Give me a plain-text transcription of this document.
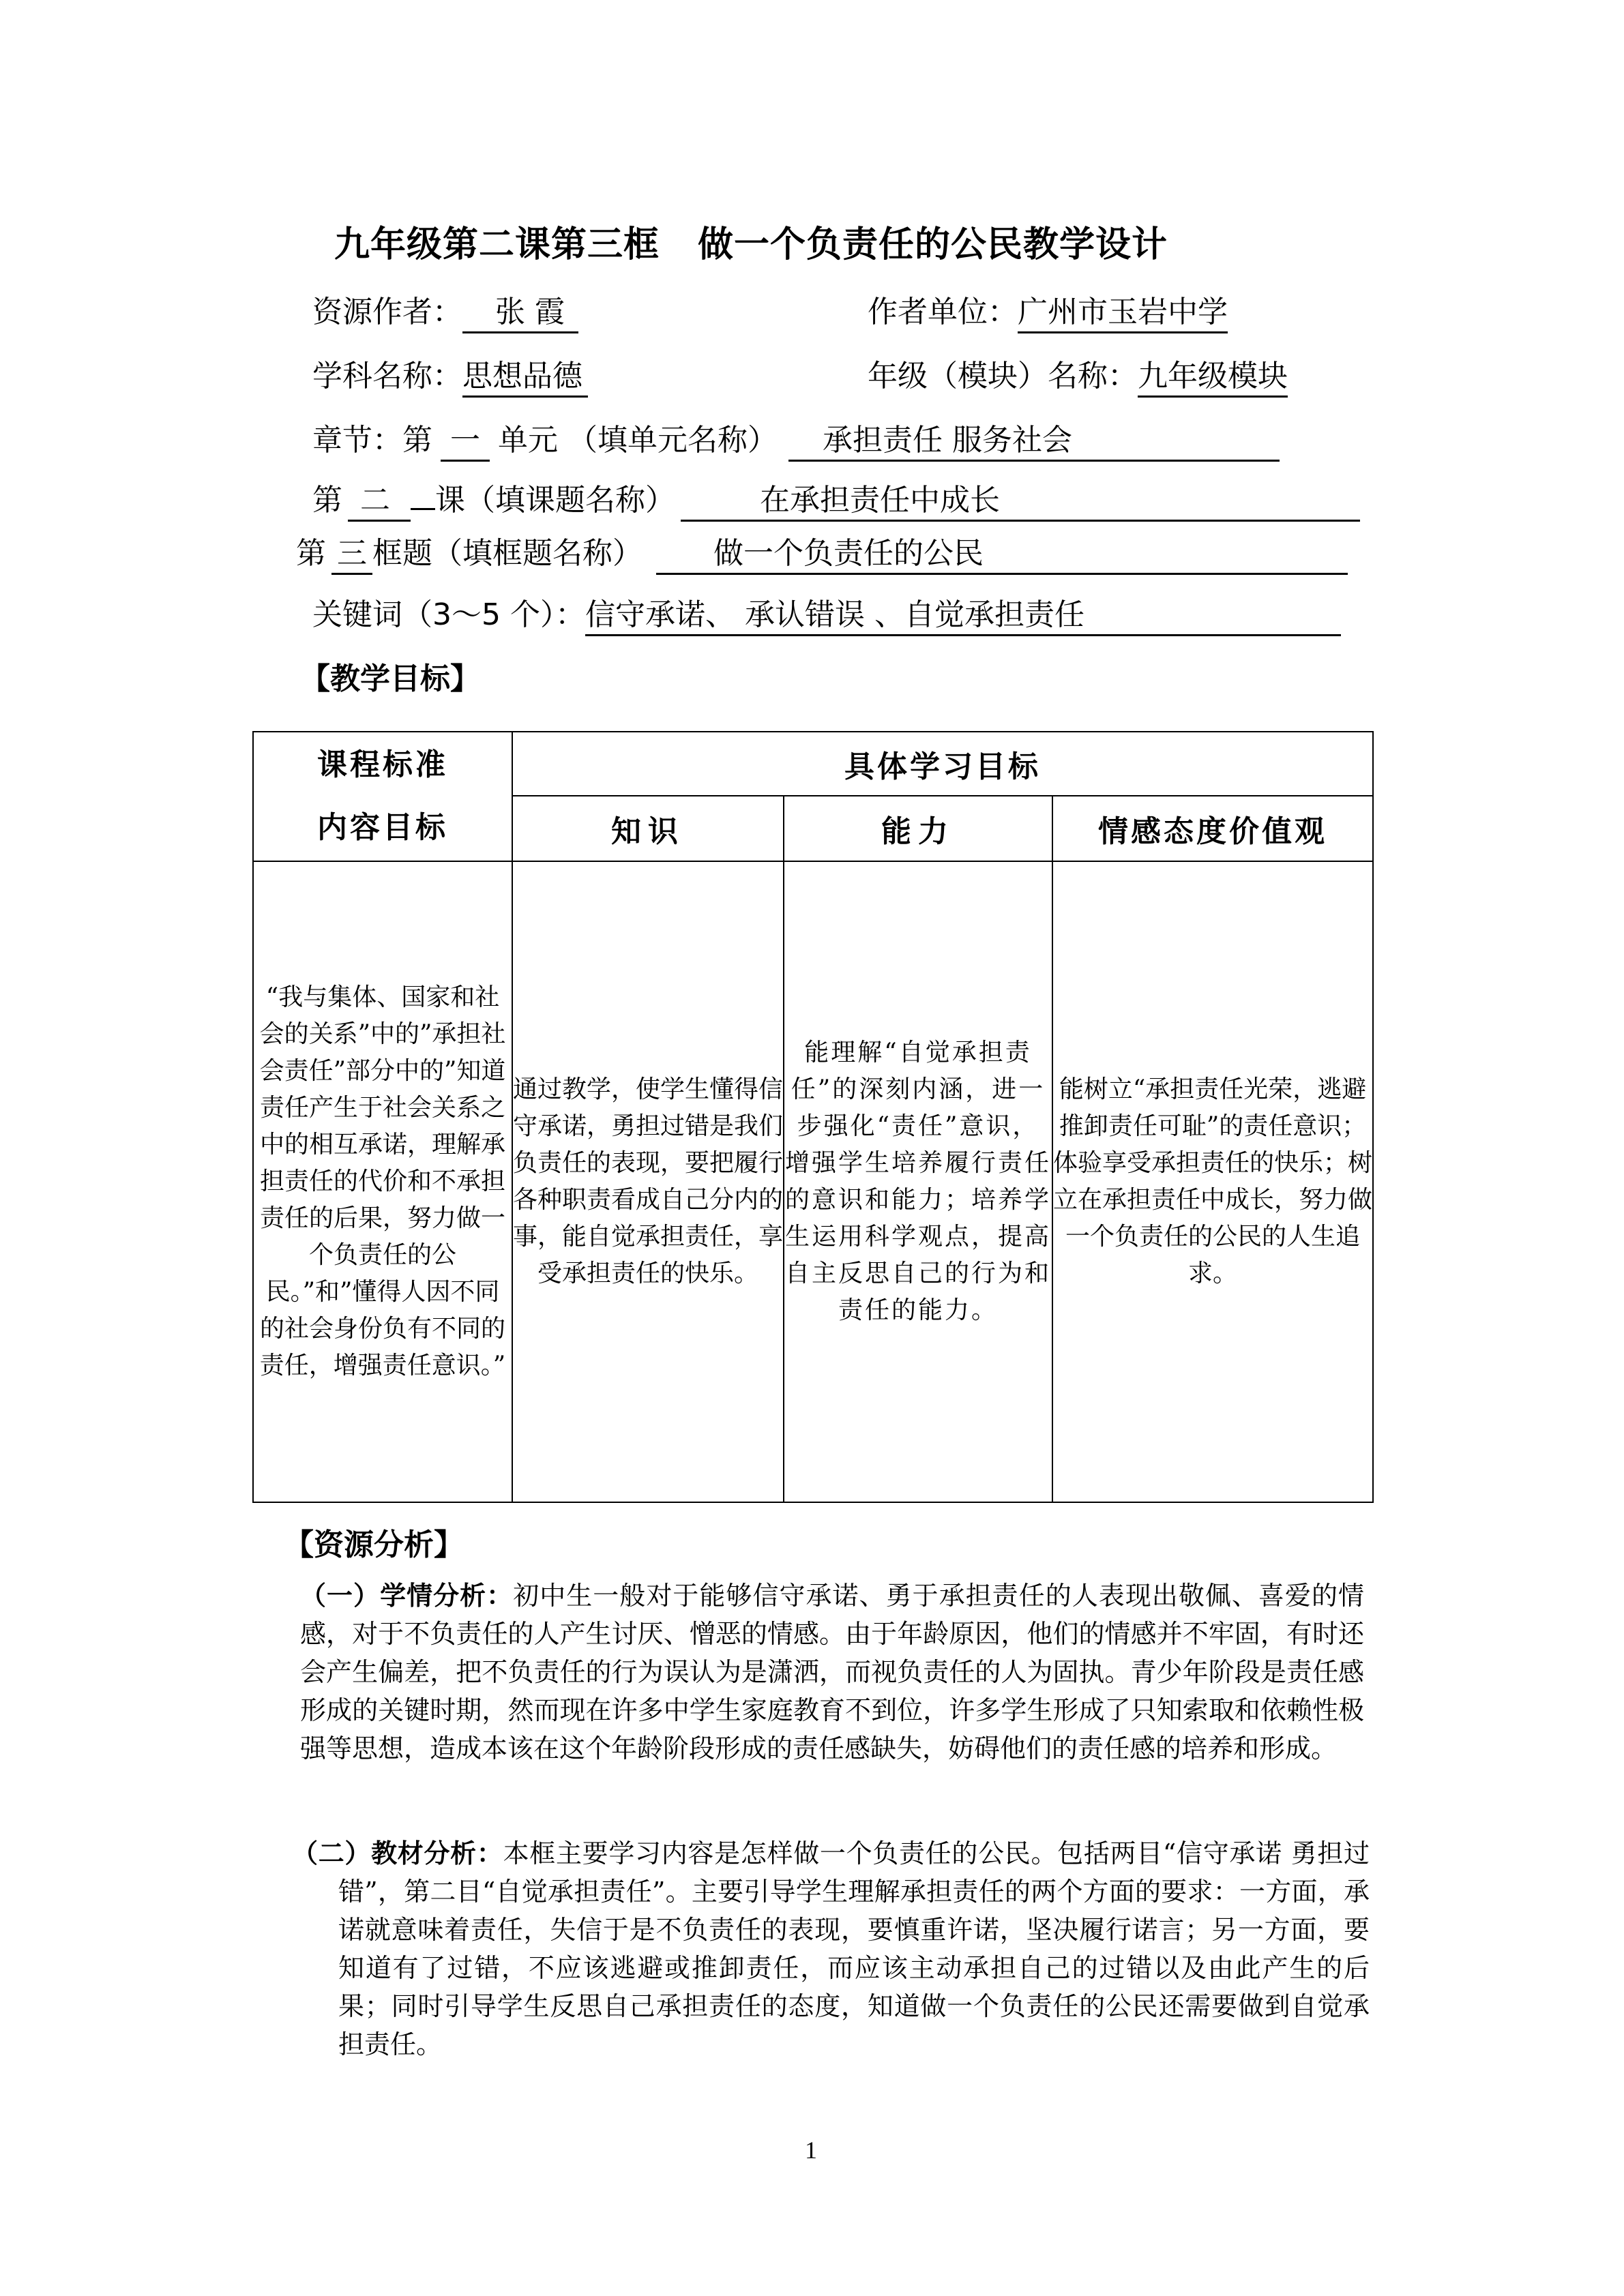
九年级第二课第三框 做一个负责任的公民教学设计
资源作者： 张 霞	作者单位：广州市玉岩中学
学科名称：思想品德	年级（模块）名称：九年级模块
章节：第 一 单元 （填单元名称） 承担责任 服务社会
第 二 课（填课题名称）	在承担责任中成长
第 三 框题（填框题名称） 做一个负责任的公民
关键词（3～5 个）：信守承诺、 承认错误 、自觉承担责任
【教学目标】
课程标准
内容目标	具体学习目标		
	知识	能力	情感态度价值观
“我与集体、国家和社会的关系”中的”承担社会责任”部分中的”知道责任产生于社会关系之中的相互承诺，理解承担责任的代价和不承担责任的后果，努力做一个负责任的公民。”和”懂得人因不同的社会身份负有不同的责任，增强责任意识。”	通过教学，使学生懂得信守承诺，勇担过错是我们负责任的表现，要把履行各种职责看成自己分内的事，能自觉承担责任，享受承担责任的快乐。	能理解“自觉承担责任”的深刻内涵，进一步强化“责任”意识，增强学生培养履行责任的意识和能力；培养学生运用科学观点，提高自主反思自己的行为和责任的能力。	能树立“承担责任光荣，逃避推卸责任可耻”的责任意识；体验享受承担责任的快乐；树立在承担责任中成长，努力做一个负责任的公民的人生追求。
【资源分析】
（一）学情分析：初中生一般对于能够信守承诺、勇于承担责任的人表现出敬佩、喜爱的情感，对于不负责任的人产生讨厌、憎恶的情感。由于年龄原因，他们的情感并不牢固，有时还会产生偏差，把不负责任的行为误认为是潇洒，而视负责任的人为固执。青少年阶段是责任感形成的关键时期，然而现在许多中学生家庭教育不到位，许多学生形成了只知索取和依赖性极强等思想，造成本该在这个年龄阶段形成的责任感缺失，妨碍他们的责任感的培养和形成。
（二）教材分析：本框主要学习内容是怎样做一个负责任的公民。包括两目“信守承诺 勇担过错”，第二目“自觉承担责任”。主要引导学生理解承担责任的两个方面的要求：一方面，承诺就意味着责任，失信于是不负责任的表现，要慎重许诺，坚决履行诺言；另一方面，要知道有了过错，不应该逃避或推卸责任，而应该主动承担自己的过错以及由此产生的后果；同时引导学生反思自己承担责任的态度，知道做一个负责任的公民还需要做到自觉承担责任。
1
